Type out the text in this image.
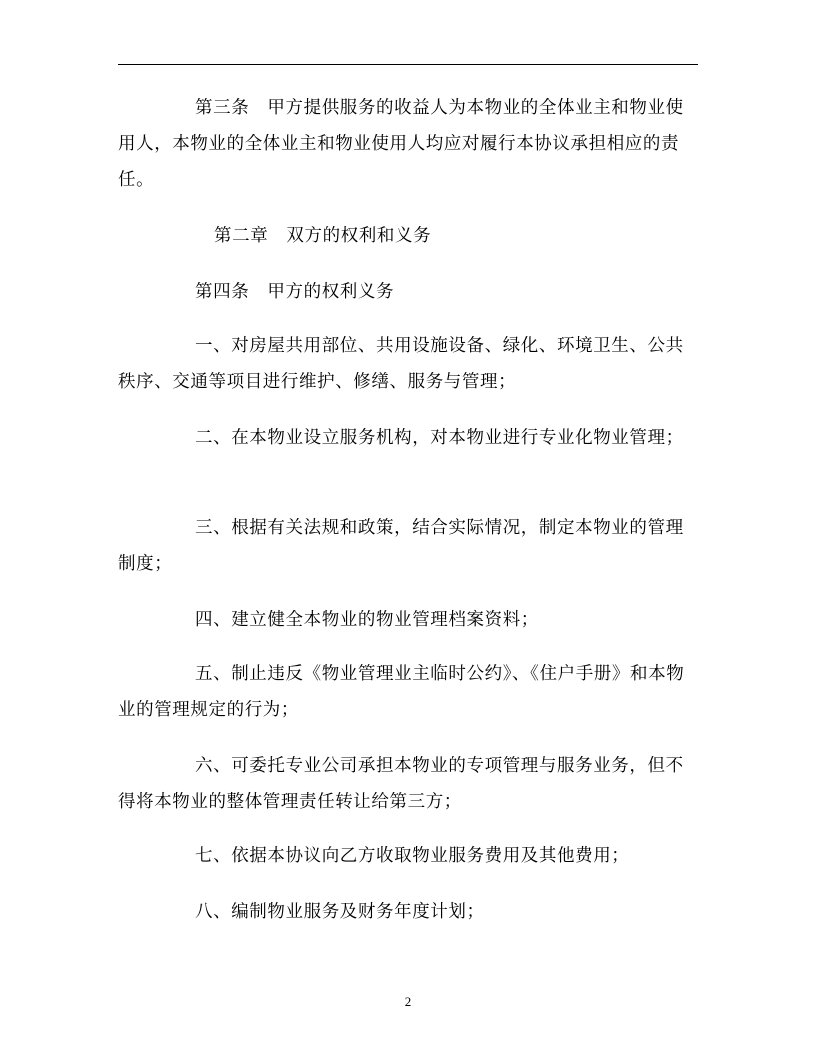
第三条　甲方提供服务的收益人为本物业的全体业主和物业使用人，本物业的全体业主和物业使用人均应对履行本协议承担相应的责任。

第二章　双方的权利和义务

第四条　甲方的权利义务

一、对房屋共用部位、共用设施设备、绿化、环境卫生、公共秩序、交通等项目进行维护、修缮、服务与管理；

二、在本物业设立服务机构，对本物业进行专业化物业管理；

三、根据有关法规和政策，结合实际情况，制定本物业的管理制度；

四、建立健全本物业的物业管理档案资料；

五、制止违反《物业管理业主临时公约》、《住户手册》和本物业的管理规定的行为；

六、可委托专业公司承担本物业的专项管理与服务业务，但不得将本物业的整体管理责任转让给第三方；

七、依据本协议向乙方收取物业服务费用及其他费用；

八、编制物业服务及财务年度计划；

2
